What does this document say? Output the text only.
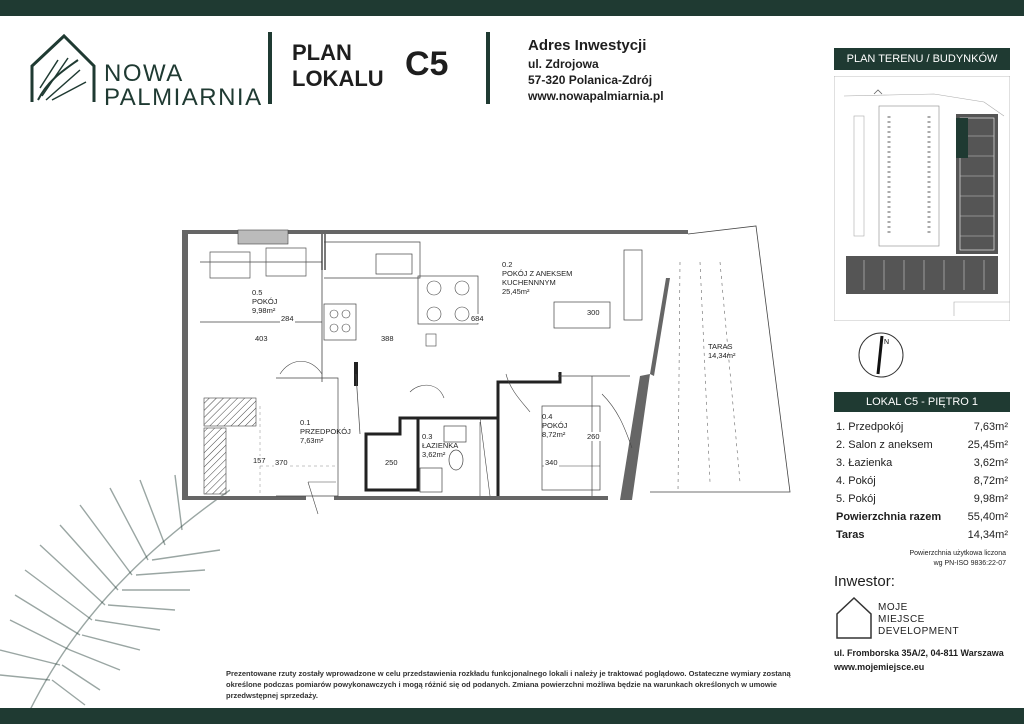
NOWA
PALMIARNIA
PLAN
LOKALU C5	Adres Inwestycji
ul. Zdrojowa
57-320 Polanica-Zdrój
www.nowapalmiarnia.pl
PLAN TERENU / BUDYNKÓW
N
LOKAL C5 - PIĘTRO 1
1. Przedpokój	7,63m²
2. Salon z aneksem	25,45m²
3. Łazienka	3,62m²
4. Pokój	8,72m²
5. Pokój	9,98m²
Powierzchnia razem 55,40m²
Taras	14,34m²
Powierzchnia użytkowa liczona
wg PN-ISO 9836:22-07
Inwestor:
MOJE
MIEJSCE
DEVELOPMENT
ul. Fromborska 35A/2, 04-811 Warszawa
www.mojemiejsce.eu
0.5
POKÓJ
9,98m²
0.2
POKÓJ Z ANEKSEM
KUCHENNNYM
25,45m²
0.1
PRZEDPOKÓJ
7,63m²	0.3
ŁAZIENKA
3,62m²
0.4
POKÓJ
8,72m²
TARAS
14,34m²
284
403	388
684
300
157 370	250	340
260
Prezentowane rzuty zostały wprowadzone w celu przedstawienia rozkładu funkcjonalnego lokali i należy je traktować poglądowo. Ostateczne wymiary zostaną określone podczas pomiarów powykonawczych i mogą różnić się od podanych. Zmiana powierzchni możliwa będzie na warunkach określonych w umowie przedwstępnej sprzedaży.
